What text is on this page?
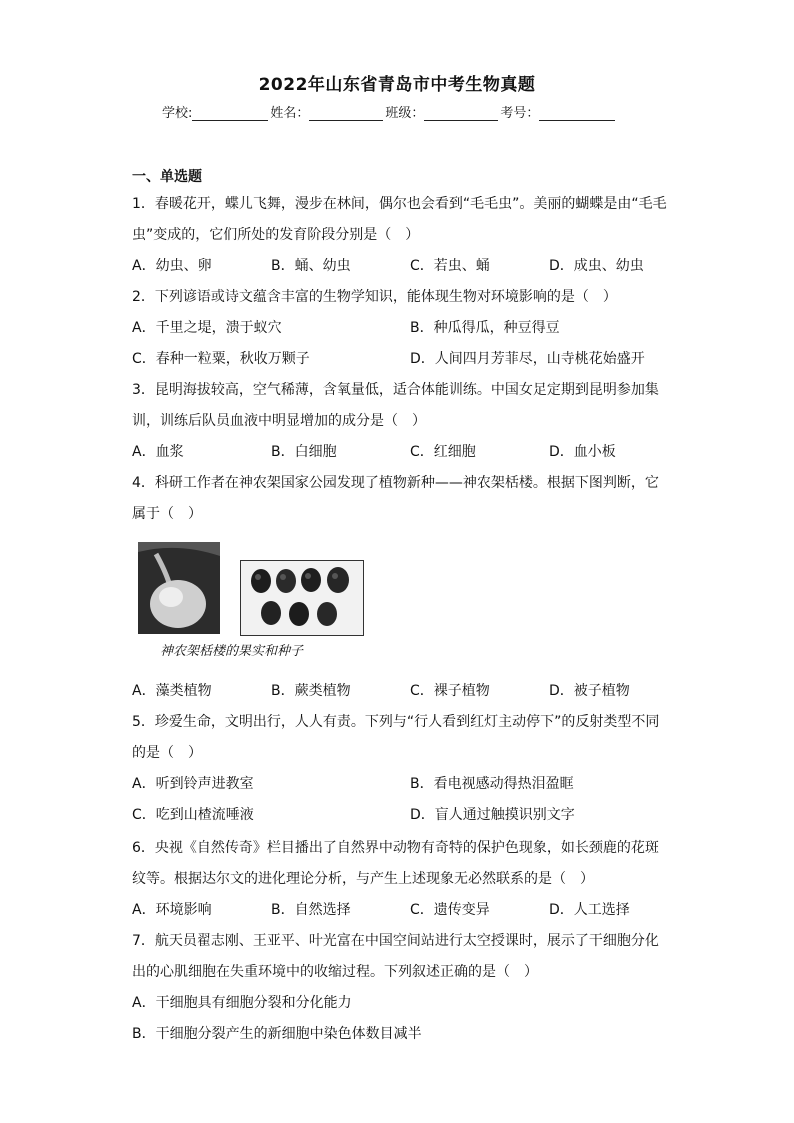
2022年山东省青岛市中考生物真题
学校:	姓名：	班级：	考号：
一、单选题
1．春暖花开，蝶儿飞舞，漫步在林间，偶尔也会看到“毛毛虫”。美丽的蝴蝶是由“毛毛
虫”变成的，它们所处的发育阶段分别是（　）
A．幼虫、卵	B．蛹、幼虫	C．若虫、蛹	D．成虫、幼虫
2．下列谚语或诗文蕴含丰富的生物学知识，能体现生物对环境影响的是（　）
A．千里之堤，溃于蚁穴	B．种瓜得瓜，种豆得豆
C．春种一粒粟，秋收万颗子	D．人间四月芳菲尽，山寺桃花始盛开
3．昆明海拔较高，空气稀薄，含氧量低，适合体能训练。中国女足定期到昆明参加集
训，训练后队员血液中明显增加的成分是（　）
A．血浆	B．白细胞	C．红细胞	D．血小板
4．科研工作者在神农架国家公园发现了植物新种——神农架栝楼。根据下图判断，它
属于（　）
神农架栝楼的果实和种子
A．藻类植物	B．蕨类植物	C．裸子植物	D．被子植物
5．珍爱生命，文明出行，人人有责。下列与“行人看到红灯主动停下”的反射类型不同
的是（　）
A．听到铃声进教室	B．看电视感动得热泪盈眶
C．吃到山楂流唾液	D．盲人通过触摸识别文字
6．央视《自然传奇》栏目播出了自然界中动物有奇特的保护色现象，如长颈鹿的花斑
纹等。根据达尔文的进化理论分析，与产生上述现象无必然联系的是（　）
A．环境影响	B．自然选择	C．遗传变异	D．人工选择
7．航天员翟志刚、王亚平、叶光富在中国空间站进行太空授课时，展示了干细胞分化
出的心肌细胞在失重环境中的收缩过程。下列叙述正确的是（　）
A．干细胞具有细胞分裂和分化能力
B．干细胞分裂产生的新细胞中染色体数目减半
